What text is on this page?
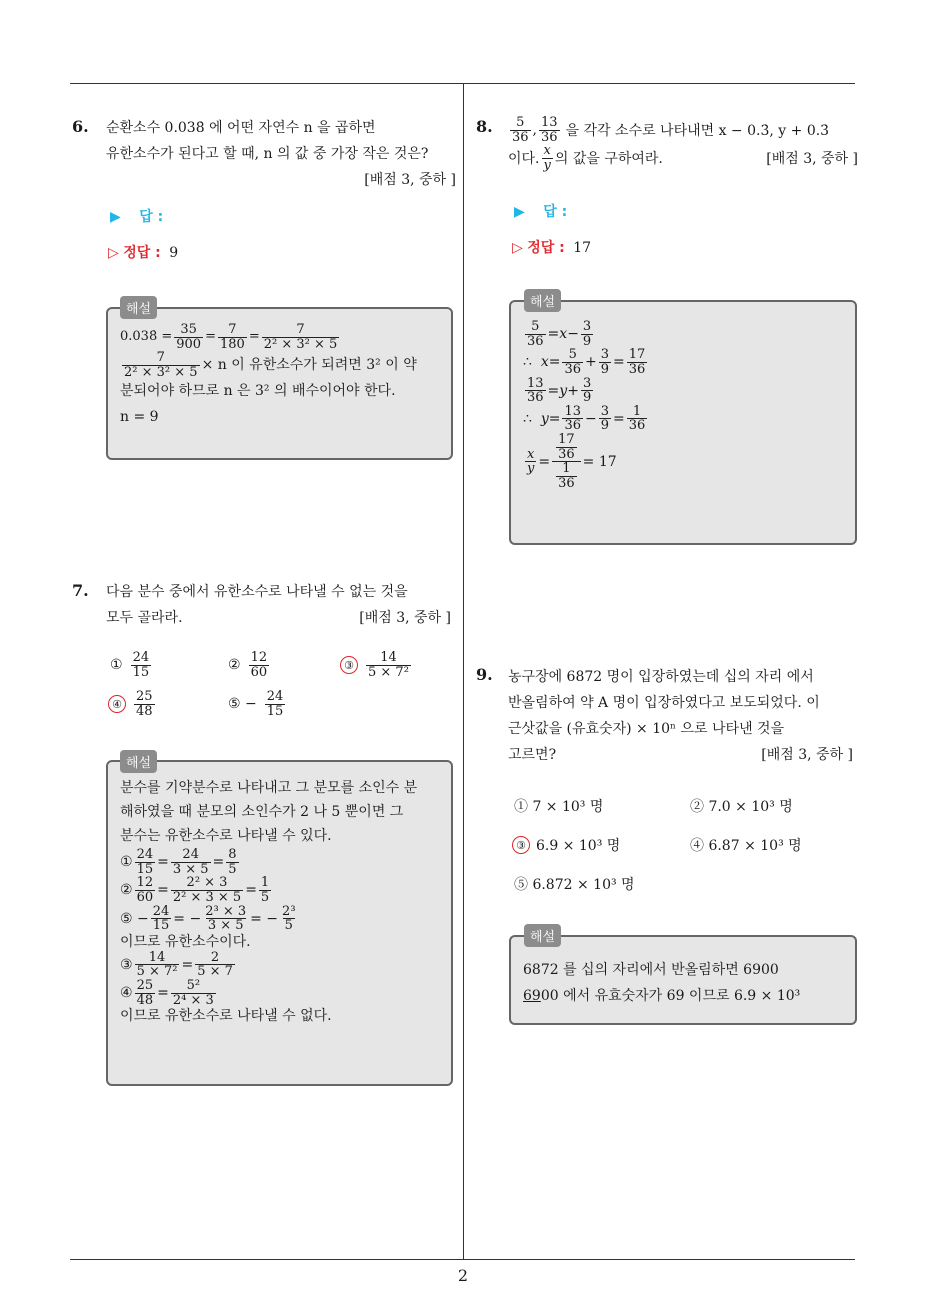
2
6. 순환소수 0.038̇ 에 어떤 자연수 n 을 곱하면
유한소수가 된다고 할 때, n 의 값 중 가장 작은 것은?
[배점 3, 중하 ]
▶ 답 :
▷ 정답 : 9
0.038̇ = $\frac{35}{900} = \frac{7}{180} = \frac{7}{\text{2² × 3² × 5}}$
$\frac{7}{\text{2² × 3² × 5}} \times n$ 이 유한소수가 되려면 3² 이 약
분되어야 하므로 n 은 3² 의 배수이어야 한다.
n = 9
해설
7. 다음 분수 중에서 유한소수로 나타낼 수 없는 것을
모두 골라라.	[배점 3, 중하 ]
① $\frac{24}{15}$	② $\frac{12}{60}$	③ $\frac{14}{\text{5 × 7²}}$
④ $\frac{25}{48}$	⑤ − $\frac{24}{15}$
분수를 기약분수로 나타내고 그 분모를 소인수 분
해하였을 때 분모의 소인수가 2 나 5 뿐이면 그
분수는 유한소수로 나타낼 수 있다.
① $\frac{24}{15} = \frac{24}{3 \times 5} = \frac{8}{5}$
② $\frac{12}{60} = \frac{\text{2² × 3}}{\text{2² × 3 × 5}} = \frac{1}{5}$
⑤ − $\frac{24}{15}$ = − $\frac{\text{2³ × 3}}{3 \times 5}$ = − $\frac{\text{2³}}{5}$
이므로 유한소수이다.
③ $\frac{14}{\text{5 × 7²}} = \frac{2}{5 \times 7}$
④ $\frac{25}{48} = \frac{\text{5²}}{\text{2⁴ × 3}}$
이므로 유한소수로 나타낼 수 없다.
해설
8. $\frac{5}{36}$ , $\frac{13}{36}$ 을 각각 소수로 나타내면 x − 0.3̇, y + 0.3̇
이다. $\frac{x}{y}$ 의 값을 구하여라.	[배점 3, 중하 ]
▶ 답 :
▷ 정답 : 17
$\frac{5}{36} = x - \frac{3}{9}$
∴ $x = \frac{5}{36} + \frac{3}{9} = \frac{17}{36}$
$\frac{13}{36} = y + \frac{3}{9}$
∴ $y = \frac{13}{36} - \frac{3}{9} = \frac{1}{36}$
$\frac{x}{y} = \frac{\frac{17}{36}}{\frac{1}{36}} = 17$
해설
9. 농구장에 6872 명이 입장하였는데 십의 자리 에서
반올림하여 약 A 명이 입장하였다고 보도되었다. 이
근삿값을 (유효숫자) × 10ⁿ 으로 나타낸 것을
고르면?	[배점 3, 중하 ]
① 7 × 10³ 명	② 7.0 × 10³ 명
③ 6.9 × 10³ 명	④ 6.87 × 10³ 명
⑤ 6.872 × 10³ 명
6872 를 십의 자리에서 반올림하면 6900
6900 에서 유효숫자가 69 이므로 6.9 × 10³
해설
